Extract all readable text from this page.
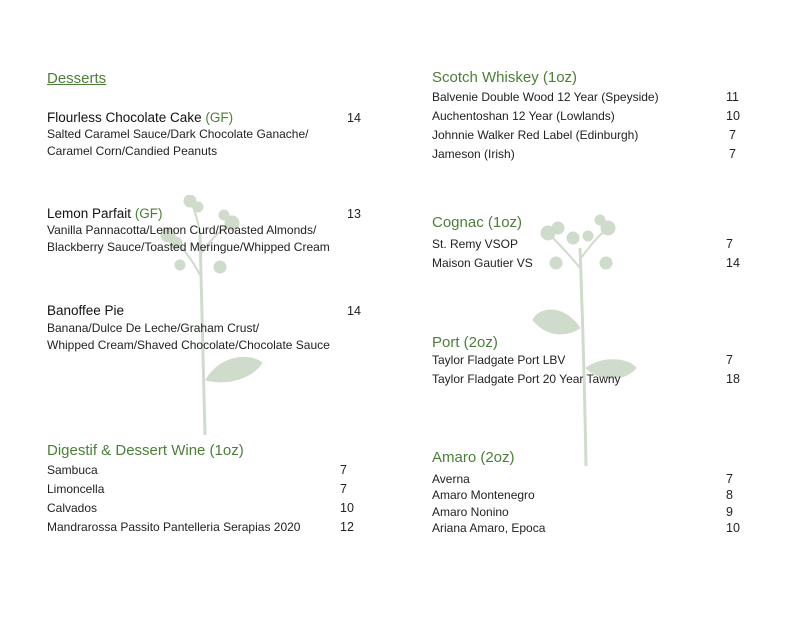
Desserts
Flourless Chocolate Cake (GF)	14
Salted Caramel Sauce/Dark Chocolate Ganache/
Caramel Corn/Candied Peanuts
Lemon Parfait (GF)	13
Vanilla Pannacotta/Lemon Curd/Roasted Almonds/
Blackberry Sauce/Toasted Meringue/Whipped Cream
Banoffee Pie	14
Banana/Dulce De Leche/Graham Crust/
Whipped Cream/Shaved Chocolate/Chocolate Sauce
Digestif & Dessert Wine (1oz)
Sambuca	7
Limoncella	7
Calvados	10
Mandrarossa Passito Pantelleria Serapias 2020	12
Scotch Whiskey (1oz)
Balvenie Double Wood 12 Year (Speyside)	11
Auchentoshan 12 Year (Lowlands)	10
Johnnie Walker Red Label (Edinburgh)	7
Jameson (Irish)	7
Cognac (1oz)
St. Remy VSOP	7
Maison Gautier VS	14
Port (2oz)
Taylor Fladgate Port LBV	7
Taylor Fladgate Port 20 Year Tawny	18
Amaro (2oz)
Averna	7
Amaro Montenegro	8
Amaro Nonino	9
Ariana Amaro, Epoca	10
